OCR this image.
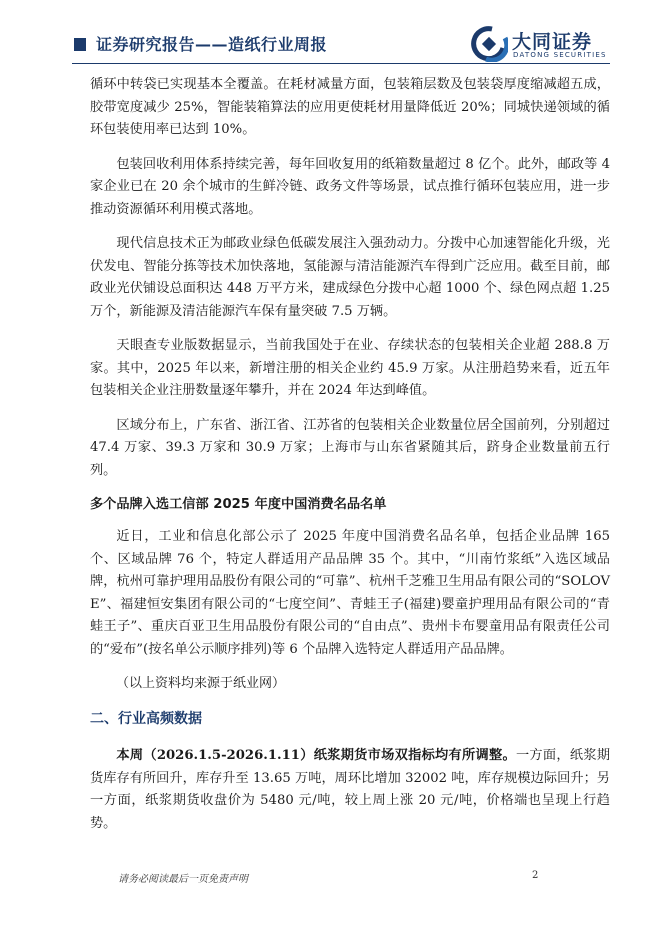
证券研究报告——造纸行业周报	大同证券
DATONG SECURITIES

循环中转袋已实现基本全覆盖。在耗材减量方面，包装箱层数及包装袋厚度缩减超五成，胶带宽度减少 25%，智能装箱算法的应用更使耗材用量降低近 20%；同城快递领域的循环包装使用率已达到 10%。

包装回收利用体系持续完善，每年回收复用的纸箱数量超过 8 亿个。此外，邮政等 4 家企业已在 20 余个城市的生鲜冷链、政务文件等场景，试点推行循环包装应用，进一步推动资源循环利用模式落地。

现代信息技术正为邮政业绿色低碳发展注入强劲动力。分拨中心加速智能化升级，光伏发电、智能分拣等技术加快落地，氢能源与清洁能源汽车得到广泛应用。截至目前，邮政业光伏铺设总面积达 448 万平方米，建成绿色分拨中心超 1000 个、绿色网点超 1.25 万个，新能源及清洁能源汽车保有量突破 7.5 万辆。

天眼查专业版数据显示，当前我国处于在业、存续状态的包装相关企业超 288.8 万家。其中，2025 年以来，新增注册的相关企业约 45.9 万家。从注册趋势来看，近五年包装相关企业注册数量逐年攀升，并在 2024 年达到峰值。

区域分布上，广东省、浙江省、江苏省的包装相关企业数量位居全国前列，分别超过 47.4 万家、39.3 万家和 30.9 万家；上海市与山东省紧随其后，跻身企业数量前五行列。

多个品牌入选工信部 2025 年度中国消费名品名单

近日，工业和信息化部公示了 2025 年度中国消费名品名单，包括企业品牌 165 个、区域品牌 76 个，特定人群适用产品品牌 35 个。其中，“川南竹浆纸”入选区域品牌，杭州可靠护理用品股份有限公司的“可靠”、杭州千芝雅卫生用品有限公司的“SOLOVE”、福建恒安集团有限公司的“七度空间”、青蛙王子(福建)婴童护理用品有限公司的“青蛙王子”、重庆百亚卫生用品股份有限公司的“自由点”、贵州卡布婴童用品有限责任公司的“爱布”(按名单公示顺序排列)等 6 个品牌入选特定人群适用产品品牌。

（以上资料均来源于纸业网）
二、行业高频数据

本周（2026.1.5-2026.1.11）纸浆期货市场双指标均有所调整。一方面，纸浆期货库存有所回升，库存升至 13.65 万吨，周环比增加 32002 吨，库存规模边际回升；另一方面，纸浆期货收盘价为 5480 元/吨，较上周上涨 20 元/吨，价格端也呈现上行趋势。

请务必阅读最后一页免责声明	2
